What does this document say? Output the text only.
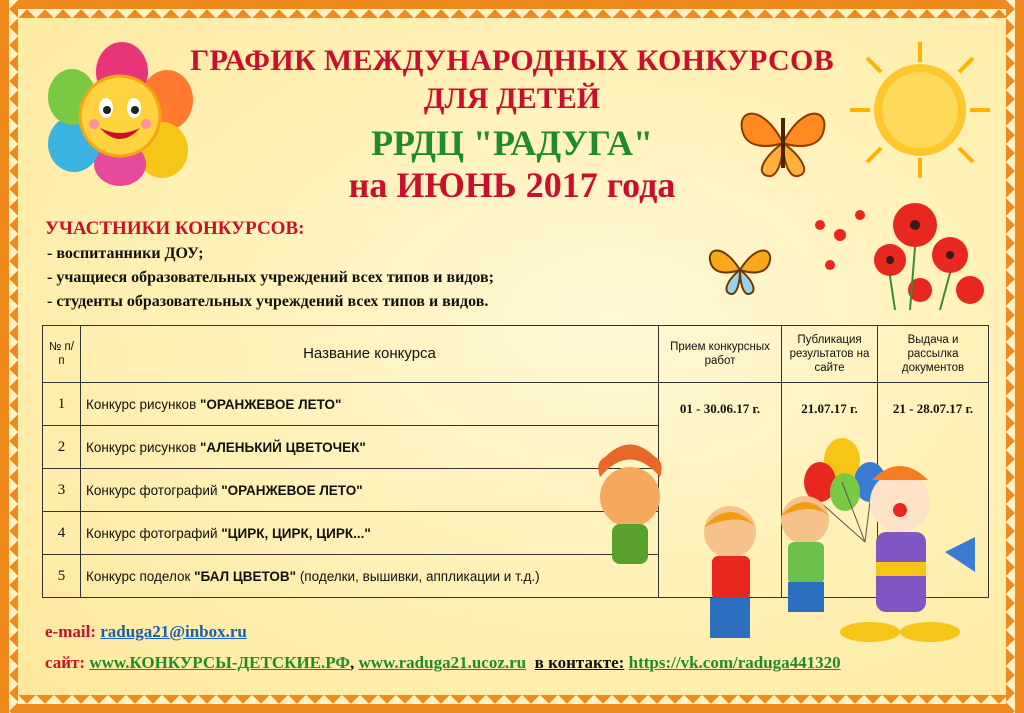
ГРАФИК МЕЖДУНАРОДНЫХ КОНКУРСОВ
ДЛЯ ДЕТЕЙ
РРДЦ "РАДУГА"
на ИЮНЬ 2017 года
УЧАСТНИКИ КОНКУРСОВ:
- воспитанники ДОУ;
- учащиеся образовательных учреждений всех типов и видов;
- студенты образовательных учреждений всех типов и видов.
№ п/п	Название конкурса	Прием конкурсных работ	Публикация результатов на сайте	Выдача и рассылка документов
1	Конкурс рисунков "ОРАНЖЕВОЕ ЛЕТО"	01 - 30.06.17 г.	21.07.17 г.	21 - 28.07.17 г.
2	Конкурс рисунков "АЛЕНЬКИЙ ЦВЕТОЧЕК"			
3	Конкурс фотографий "ОРАНЖЕВОЕ ЛЕТО"			
4	Конкурс фотографий "ЦИРК, ЦИРК, ЦИРК..."			
5	Конкурс поделок "БАЛ ЦВЕТОВ" (поделки, вышивки, аппликации и т.д.)			
e-mail: raduga21@inbox.ru
сайт: www.КОНКУРСЫ-ДЕТСКИЕ.РФ, www.raduga21.ucoz.ru в контакте: https://vk.com/raduga441320
